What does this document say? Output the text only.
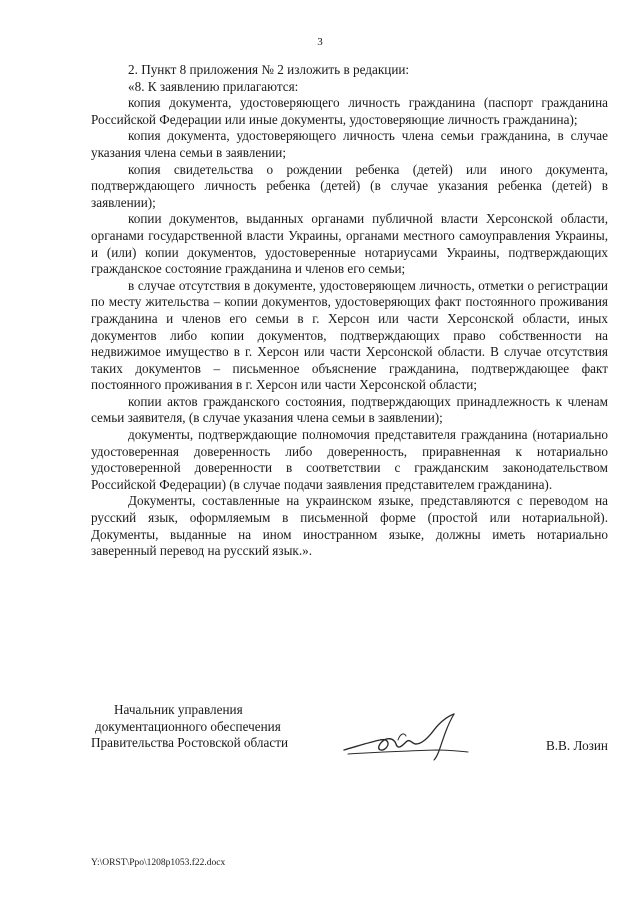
3

2. Пункт 8 приложения № 2 изложить в редакции:

«8. К заявлению прилагаются:

копия документа, удостоверяющего личность гражданина (паспорт гражданина Российской Федерации или иные документы, удостоверяющие личность гражданина);

копия документа, удостоверяющего личность члена семьи гражданина, в случае указания члена семьи в заявлении;

копия свидетельства о рождении ребенка (детей) или иного документа, подтверждающего личность ребенка (детей) (в случае указания ребенка (детей) в заявлении);

копии документов, выданных органами публичной власти Херсонской области, органами государственной власти Украины, органами местного самоуправления Украины, и (или) копии документов, удостоверенные нотариусами Украины, подтверждающих гражданское состояние гражданина и членов его семьи;

в случае отсутствия в документе, удостоверяющем личность, отметки о регистрации по месту жительства – копии документов, удостоверяющих факт постоянного проживания гражданина и членов его семьи в г. Херсон или части Херсонской области, иных документов либо копии документов, подтверждающих право собственности на недвижимое имущество в г. Херсон или части Херсонской области. В случае отсутствия таких документов – письменное объяснение гражданина, подтверждающее факт постоянного проживания в г. Херсон или части Херсонской области;

копии актов гражданского состояния, подтверждающих принадлежность к членам семьи заявителя, (в случае указания члена семьи в заявлении);

документы, подтверждающие полномочия представителя гражданина (нотариально удостоверенная доверенность либо доверенность, приравненная к нотариально удостоверенной доверенности в соответствии с гражданским законодательством Российской Федерации) (в случае подачи заявления представителем гражданина).

Документы, составленные на украинском языке, представляются с переводом на русский язык, оформляемым в письменной форме (простой или нотариальной). Документы, выданные на ином иностранном языке, должны иметь нотариально заверенный перевод на русский язык.».

Начальник управления
документационного обеспечения
Правительства Ростовской области	В.В. Лозин
Y:\ORST\Ppo\1208p1053.f22.docx
